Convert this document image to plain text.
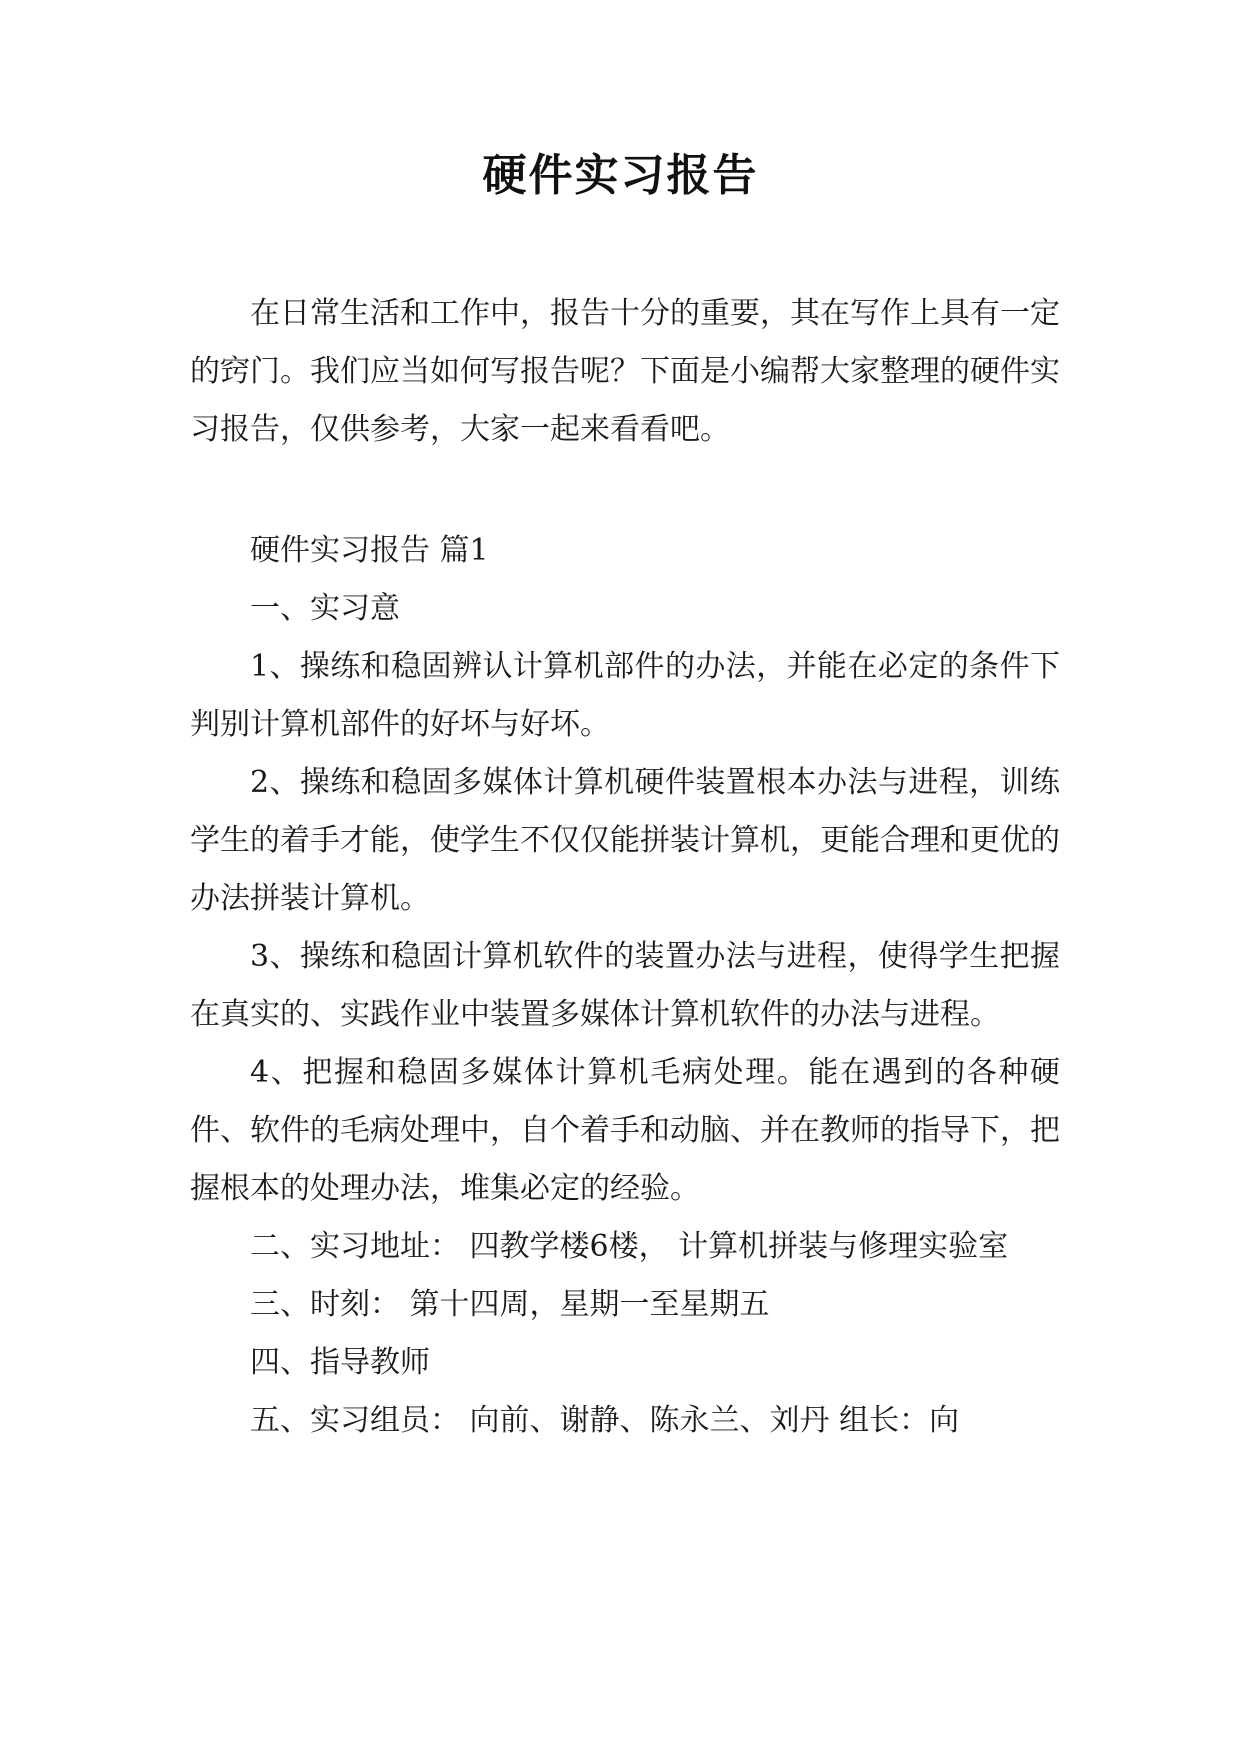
硬件实习报告

在日常生活和工作中，报告十分的重要，其在写作上具有一定的窍门。我们应当如何写报告呢？下面是小编帮大家整理的硬件实习报告，仅供参考，大家一起来看看吧。

硬件实习报告 篇1

一、实习意

1、操练和稳固辨认计算机部件的办法，并能在必定的条件下判别计算机部件的好坏与好坏。

2、操练和稳固多媒体计算机硬件装置根本办法与进程，训练学生的着手才能，使学生不仅仅能拼装计算机，更能合理和更优的办法拼装计算机。

3、操练和稳固计算机软件的装置办法与进程，使得学生把握在真实的、实践作业中装置多媒体计算机软件的办法与进程。

4、把握和稳固多媒体计算机毛病处理。能在遇到的各种硬件、软件的毛病处理中，自个着手和动脑、并在教师的指导下，把握根本的处理办法，堆集必定的经验。

二、实习地址： 四教学楼6楼， 计算机拼装与修理实验室

三、时刻： 第十四周，星期一至星期五

四、指导教师

五、实习组员： 向前、谢静、陈永兰、刘丹 组长：向
